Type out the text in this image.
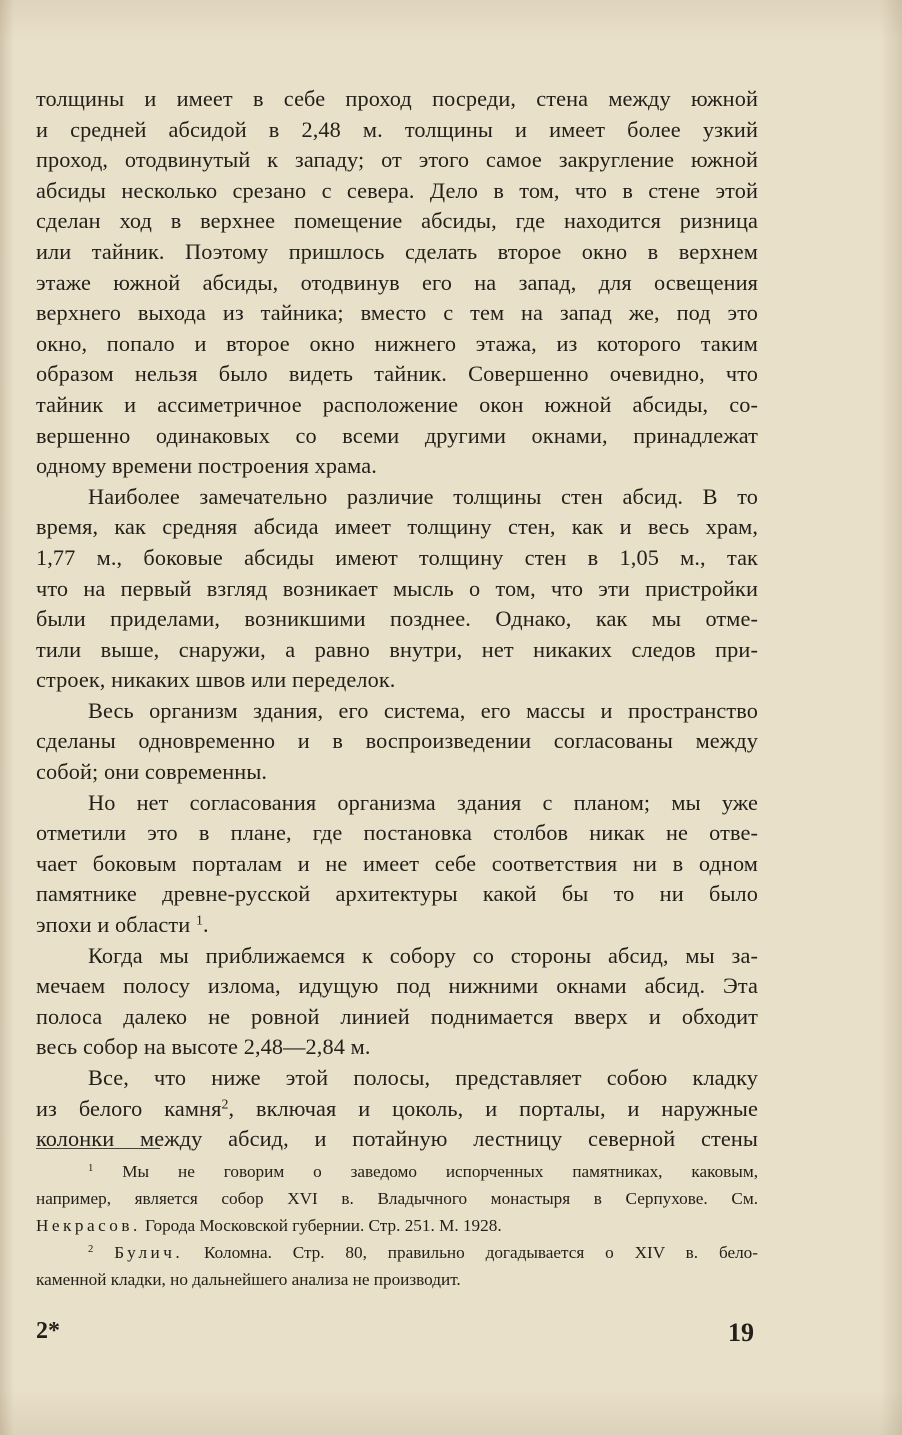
толщины и имеет в себе проход посреди, стена между южной
и средней абсидой в 2,48 м. толщины и имеет более узкий
проход, отодвинутый к западу; от этого самое закругление южной
абсиды несколько срезано с севера. Дело в том, что в стене этой
сделан ход в верхнее помещение абсиды, где находится ризница
или тайник. Поэтому пришлось сделать второе окно в верхнем
этаже южной абсиды, отодвинув его на запад, для освещения
верхнего выхода из тайника; вместо с тем на запад же, под это
окно, попало и второе окно нижнего этажа, из которого таким
образом нельзя было видеть тайник. Совершенно очевидно, что
тайник и ассиметричное расположение окон южной абсиды, со-
вершенно одинаковых со всеми другими окнами, принадлежат
одному времени построения храма.
Наиболее замечательно различие толщины стен абсид. В то
время, как средняя абсида имеет толщину стен, как и весь храм,
1,77 м., боковые абсиды имеют толщину стен в 1,05 м., так
что на первый взгляд возникает мысль о том, что эти пристройки
были приделами, возникшими позднее. Однако, как мы отме-
тили выше, снаружи, а равно внутри, нет никаких следов при-
строек, никаких швов или переделок.
Весь организм здания, его система, его массы и пространство
сделаны одновременно и в воспроизведении согласованы между
собой; они современны.
Но нет согласования организма здания с планом; мы уже
отметили это в плане, где постановка столбов никак не отве-
чает боковым порталам и не имеет себе соответствия ни в одном
памятнике древне-русской архитектуры какой бы то ни было
эпохи и области $^1$.
Когда мы приближаемся к собору со стороны абсид, мы за-
мечаем полосу излома, идущую под нижними окнами абсид. Эта
полоса далеко не ровной линией поднимается вверх и обходит
весь собор на высоте 2,48—2,84 м.
Все, что ниже этой полосы, представляет собою кладку
из белого камня$^2$, включая и цоколь, и порталы, и наружные
колонки между абсид, и потайную лестницу северной стены
$^1$ Мы не говорим о заведомо испорченных памятниках, каковым,
например, является собор XVI в. Владычного монастыря в Серпухове. См.
Некрасов. Города Московской губернии. Стр. 251. М. 1928.
$^2$ Булич. Коломна. Стр. 80, правильно догадывается о XIV в. бело-
каменной кладки, но дальнейшего анализа не производит.
2*	19
